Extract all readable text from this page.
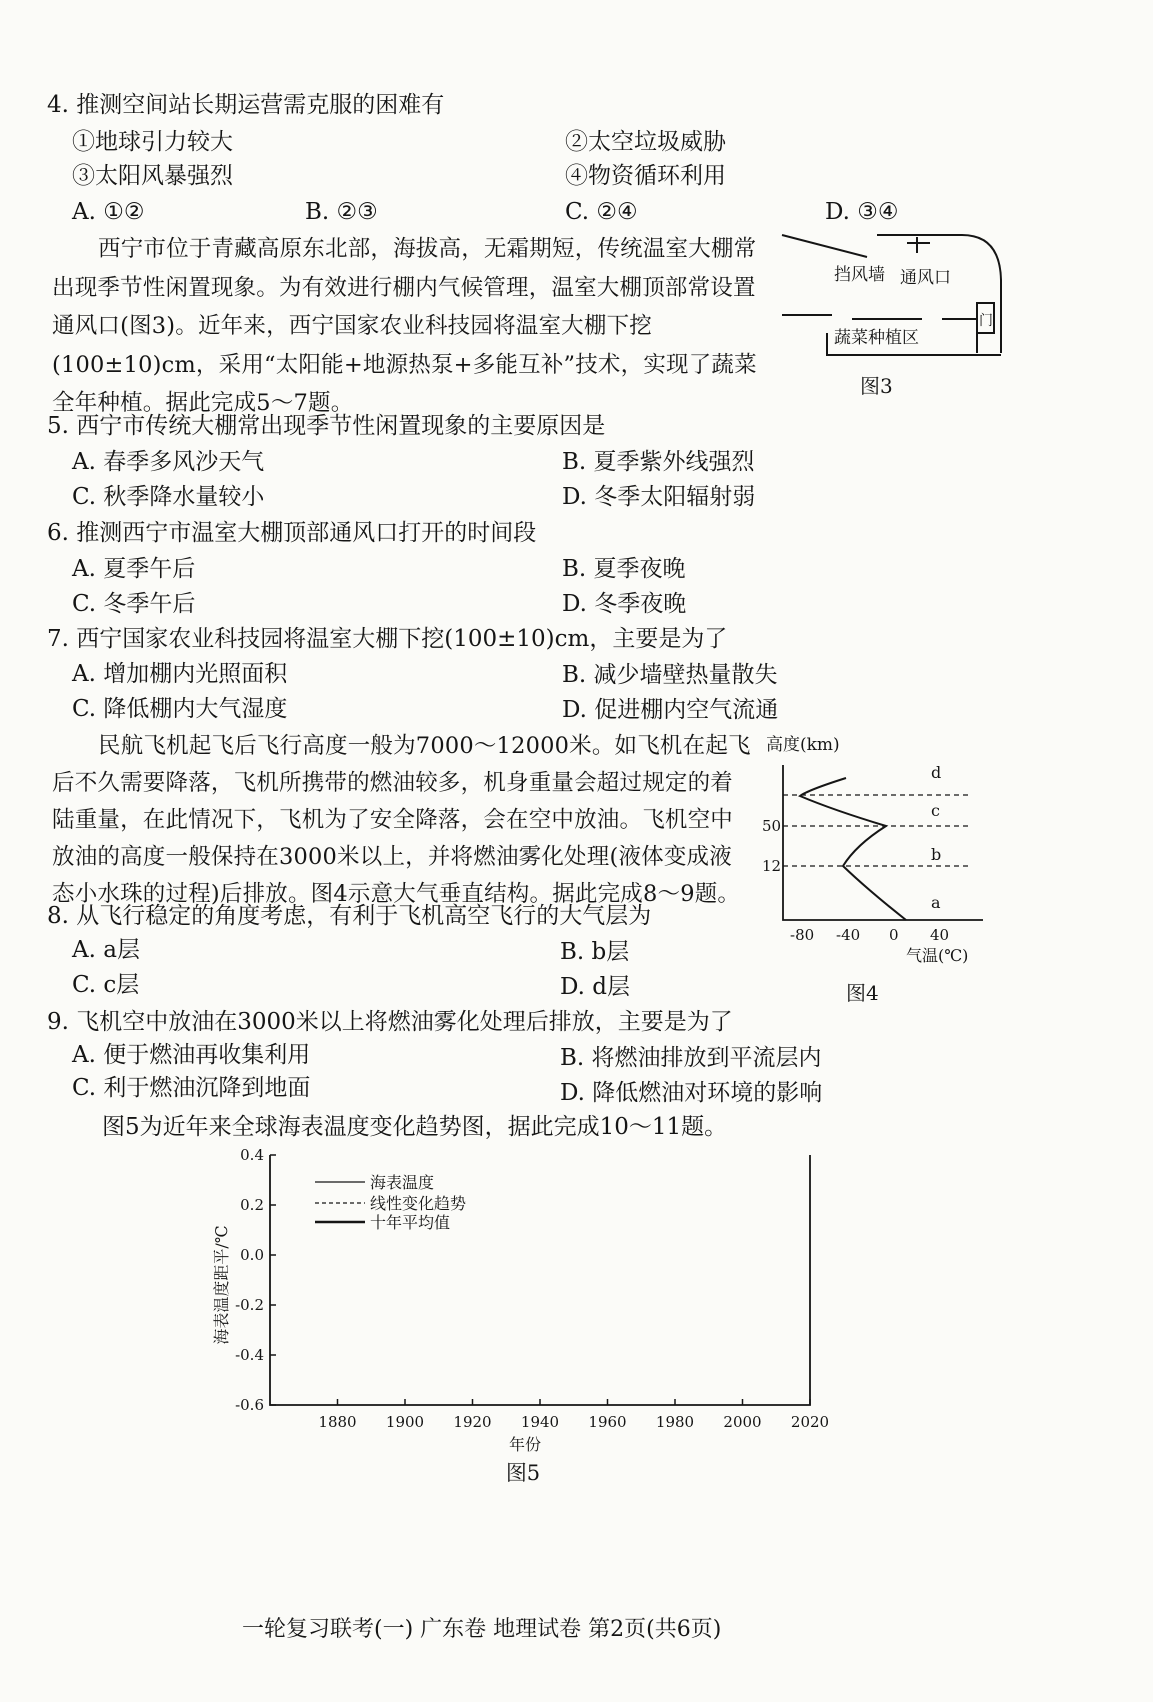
4. 推测空间站长期运营需克服的困难有
①地球引力较大	②太空垃圾威胁
③太阳风暴强烈	④物资循环利用
A. ①②	B. ②③	C. ②④	D. ③④
西宁市位于青藏高原东北部，海拔高，无霜期短，传统温室大棚常出现季节性闲置现象。为有效进行棚内气候管理，温室大棚顶部常设置通风口(图3)。近年来，西宁国家农业科技园将温室大棚下挖(100±10)cm，采用“太阳能+地源热泵+多能互补”技术，实现了蔬菜全年种植。据此完成5～7题。
挡风墙 通风口
门
蔬菜种植区
图3
5. 西宁市传统大棚常出现季节性闲置现象的主要原因是
A. 春季多风沙天气	B. 夏季紫外线强烈
C. 秋季降水量较小	D. 冬季太阳辐射弱
6. 推测西宁市温室大棚顶部通风口打开的时间段
A. 夏季午后	B. 夏季夜晚
C. 冬季午后	D. 冬季夜晚
7. 西宁国家农业科技园将温室大棚下挖(100±10)cm，主要是为了
A. 增加棚内光照面积	B. 减少墙壁热量散失
C. 降低棚内大气湿度	D. 促进棚内空气流通
民航飞机起飞后飞行高度一般为7000～12000米。如飞机在起飞后不久需要降落，飞机所携带的燃油较多，机身重量会超过规定的着陆重量，在此情况下，飞机为了安全降落，会在空中放油。飞机空中放油的高度一般保持在3000米以上，并将燃油雾化处理(液体变成液态小水珠的过程)后排放。图4示意大气垂直结构。据此完成8～9题。
高度(km)
d
c
b
a
50
12
-80 -40 0 40
气温(℃)
图4
8. 从飞行稳定的角度考虑，有利于飞机高空飞行的大气层为
A. a层	B. b层
C. c层	D. d层
9. 飞机空中放油在3000米以上将燃油雾化处理后排放，主要是为了
A. 便于燃油再收集利用	B. 将燃油排放到平流层内
C. 利于燃油沉降到地面	D. 降低燃油对环境的影响
图5为近年来全球海表温度变化趋势图，据此完成10～11题。
0.4
0.2
0.0
-0.2
-0.4
-0.6
1880 1900 1920 1940 1960 1980 2000 2020
海表温度
线性变化趋势
十年平均值
海表温度距平/℃
年份
图5
一轮复习联考(一) 广东卷 地理试卷 第2页(共6页)
